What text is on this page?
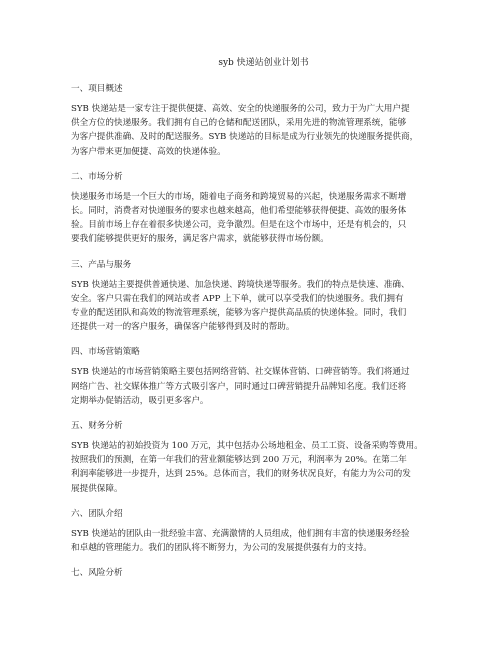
syb 快递站创业计划书
一、项目概述
SYB 快递站是一家专注于提供便捷、高效、安全的快递服务的公司，致力于为广大用户提
供全方位的快递服务。我们拥有自己的仓储和配送团队，采用先进的物流管理系统，能够
为客户提供准确、及时的配送服务。SYB 快递站的目标是成为行业领先的快递服务提供商，
为客户带来更加便捷、高效的快递体验。
二、市场分析
快递服务市场是一个巨大的市场，随着电子商务和跨境贸易的兴起，快递服务需求不断增
长。同时，消费者对快递服务的要求也越来越高，他们希望能够获得便捷、高效的服务体
验。目前市场上存在着很多快递公司，竞争激烈。但是在这个市场中，还是有机会的，只
要我们能够提供更好的服务，满足客户需求，就能够获得市场份额。
三、产品与服务
SYB 快递站主要提供普通快递、加急快递、跨境快递等服务。我们的特点是快速、准确、
安全。客户只需在我们的网站或者 APP 上下单，就可以享受我们的快递服务。我们拥有
专业的配送团队和高效的物流管理系统，能够为客户提供高品质的快递体验。同时，我们
还提供一对一的客户服务，确保客户能够得到及时的帮助。
四、市场营销策略
SYB 快递站的市场营销策略主要包括网络营销、社交媒体营销、口碑营销等。我们将通过
网络广告、社交媒体推广等方式吸引客户，同时通过口碑营销提升品牌知名度。我们还将
定期举办促销活动，吸引更多客户。
五、财务分析
SYB 快递站的初始投资为 100 万元，其中包括办公场地租金、员工工资、设备采购等费用。
按照我们的预测，在第一年我们的营业额能够达到 200 万元，利润率为 20%。在第二年
利润率能够进一步提升，达到 25%。总体而言，我们的财务状况良好，有能力为公司的发
展提供保障。
六、团队介绍
SYB 快递站的团队由一批经验丰富、充满激情的人员组成，他们拥有丰富的快递服务经验
和卓越的管理能力。我们的团队将不断努力，为公司的发展提供强有力的支持。
七、风险分析
